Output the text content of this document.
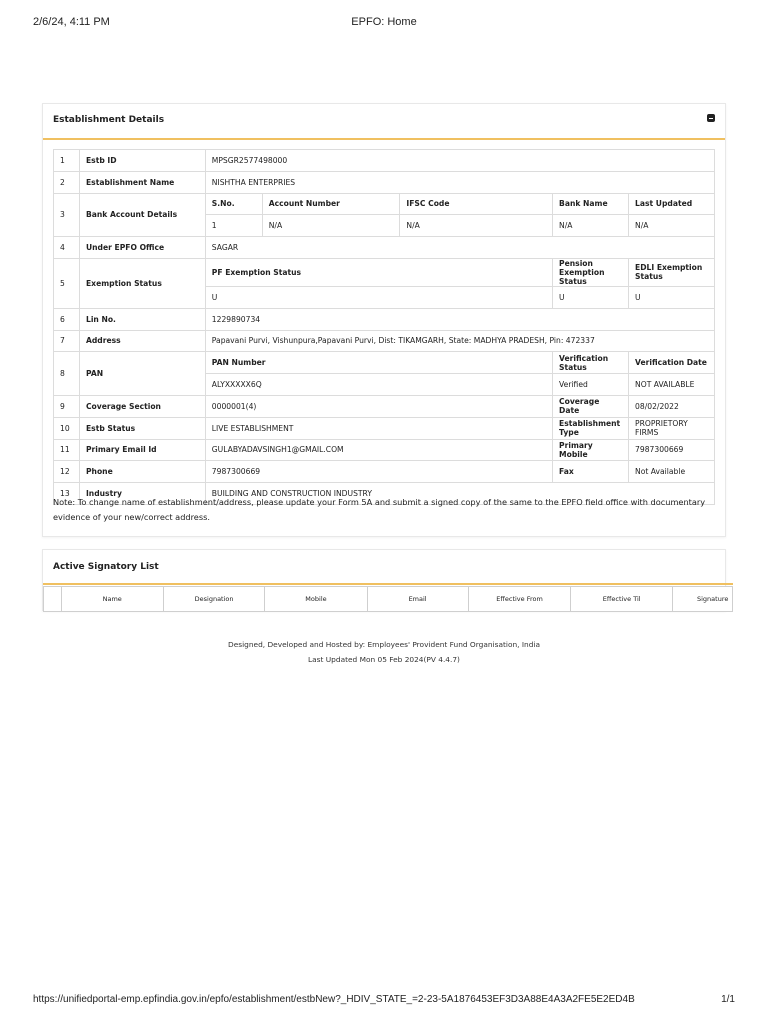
2/6/24, 4:11 PM	EPFO: Home
Establishment Details
1	Estb ID	MPSGR2577498000				
2	Establishment Name	NISHTHA ENTERPRIES				
3	Bank Account Details	S.No.	Account Number	IFSC Code	Bank Name	Last Updated
		1	N/A	N/A	N/A	N/A
4	Under EPFO Office	SAGAR				
5	Exemption Status	PF Exemption Status			Pension Exemption Status	EDLI Exemption Status
		U			U	U
6	Lin No.	1229890734				
7	Address	Papavani Purvi, Vishunpura,Papavani Purvi, Dist: TIKAMGARH, State: MADHYA PRADESH, Pin: 472337				
8	PAN	PAN Number			Verification Status	Verification Date
		ALYXXXXX6Q			Verified	NOT AVAILABLE
9	Coverage Section	0000001(4)			Coverage Date	08/02/2022
10	Estb Status	LIVE ESTABLISHMENT			Establishment Type	PROPRIETORY FIRMS
11	Primary Email Id	GULABYADAVSINGH1@GMAIL.COM			Primary Mobile	7987300669
12	Phone	7987300669			Fax	Not Available
13	Industry	BUILDING AND CONSTRUCTION INDUSTRY				
Note: To change name of establishment/address, please update your Form 5A and submit a signed copy of the same to the EPFO field office with documentary
evidence of your new/correct address.
Active Signatory List
	Name	Designation	Mobile	Email	Effective From	Effective Til	Signature
Designed, Developed and Hosted by: Employees' Provident Fund Organisation, India
Last Updated Mon 05 Feb 2024(PV 4.4.7)
https://unifiedportal-emp.epfindia.gov.in/epfo/establishment/estbNew?_HDIV_STATE_=2-23-5A1876453EF3D3A88E4A3A2FE5E2ED4B	1/1
